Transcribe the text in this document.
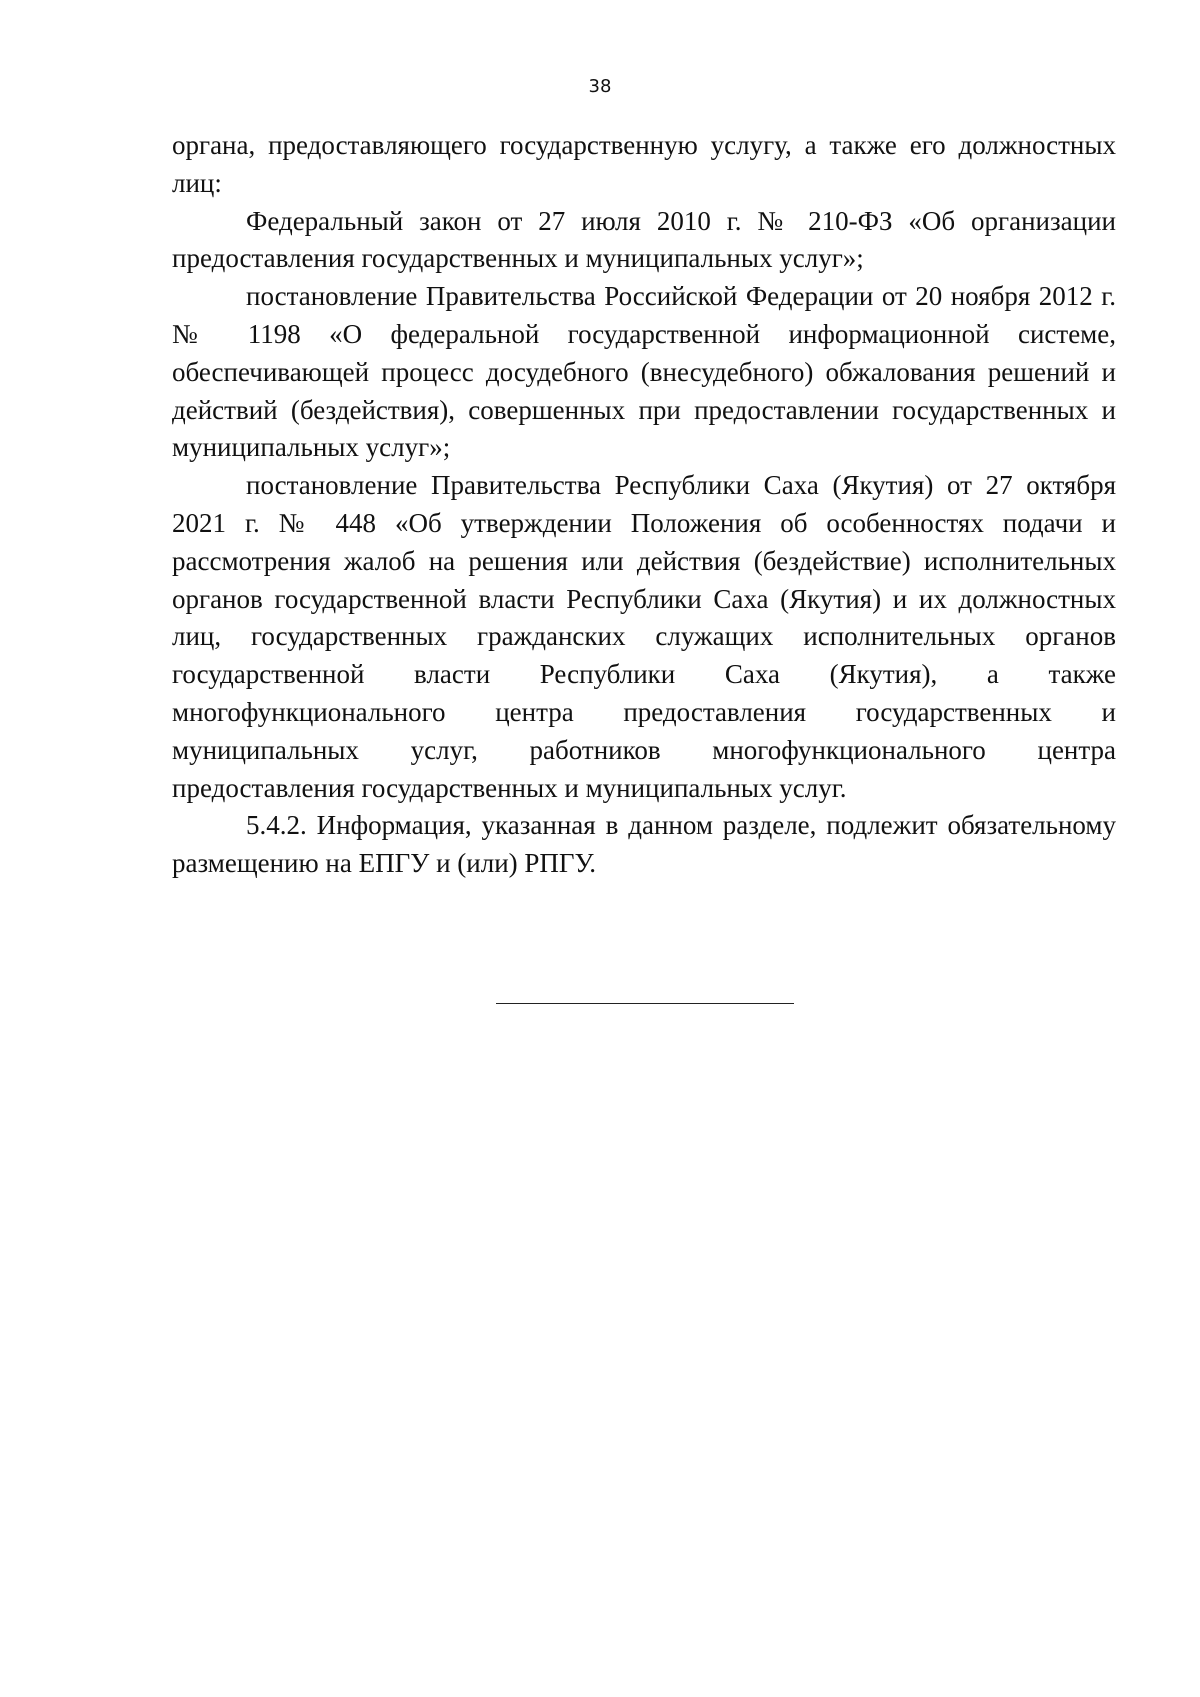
38

органа, предоставляющего государственную услугу, а также его должностных лиц:

Федеральный закон от 27 июля 2010 г. № 210-ФЗ «Об организации предоставления государственных и муниципальных услуг»;

постановление Правительства Российской Федерации от 20 ноября 2012 г. № 1198 «О федеральной государственной информационной системе, обеспечивающей процесс досудебного (внесудебного) обжалования решений и действий (бездействия), совершенных при предоставлении государственных и муниципальных услуг»;

постановление Правительства Республики Саха (Якутия) от 27 октября 2021 г. № 448 «Об утверждении Положения об особенностях подачи и рассмотрения жалоб на решения или действия (бездействие) исполнительных органов государственной власти Республики Саха (Якутия) и их должностных лиц, государственных гражданских служащих исполнительных органов государственной власти Республики Саха (Якутия), а также многофункционального центра предоставления государственных и муниципальных услуг, работников многофункционального центра предоставления государственных и муниципальных услуг.

5.4.2. Информация, указанная в данном разделе, подлежит обязательному размещению на ЕПГУ и (или) РПГУ.
